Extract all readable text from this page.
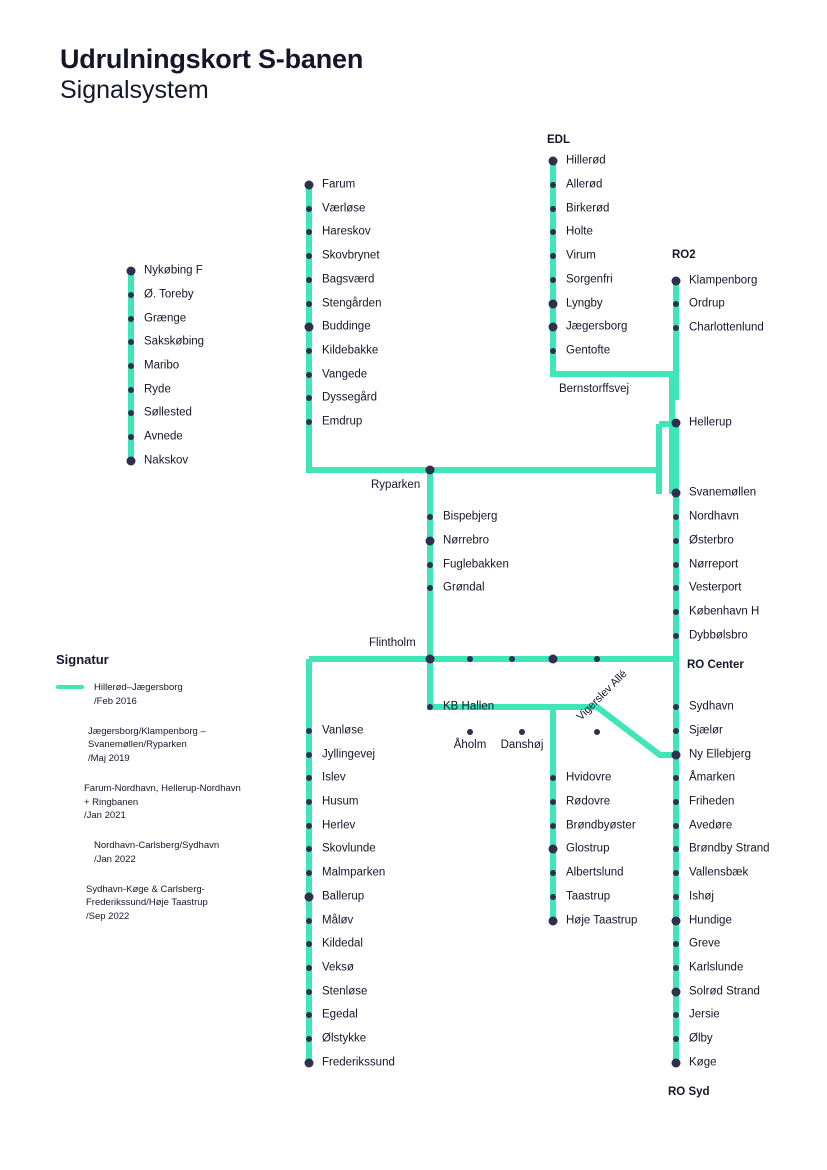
Udrulningskort S-banen
Signalsystem
EDL
RO2
RO Center
RO Syd
Nykøbing F
Ø. Toreby
Grænge
Sakskøbing
Maribo
Ryde
Søllested
Avnede
Nakskov
Farum
Værløse
Hareskov
Skovbrynet
Bagsværd
Stengården
Buddinge
Kildebakke
Vangede
Dyssegård
Emdrup
Hillerød
Allerød
Birkerød
Holte
Virum
Sorgenfri
Lyngby
Jægersborg
Gentofte
Bernstorffsvej
Klampenborg
Ordrup
Charlottenlund
Hellerup
Svanemøllen
Nordhavn
Østerbro
Nørreport
Vesterport
København H
Dybbølsbro
Ryparken
Bispebjerg
Nørrebro
Fuglebakken
Grøndal
Flintholm
KB Hallen
Åholm Danshøj
Vigerslev Allé
Vanløse
Jyllingevej
Islev
Husum
Herlev
Skovlunde
Malmparken
Ballerup
Måløv
Kildedal
Veksø
Stenløse
Egedal
Ølstykke
Frederikssund
Hvidovre
Rødovre
Brøndbyøster
Glostrup
Albertslund
Taastrup
Høje Taastrup
Sydhavn
Sjælør
Ny Ellebjerg
Åmarken
Friheden
Avedøre
Brøndby Strand
Vallensbæk
Ishøj
Hundige
Greve
Karlslunde
Solrød Strand
Jersie
Ølby
Køge
Signatur
Hillerød–Jægersborg
/Feb 2016
Jægersborg/Klampenborg –
Svanemøllen/Ryparken
/Maj 2019
Farum-Nordhavn, Hellerup-Nordhavn
+ Ringbanen
/Jan 2021
Nordhavn-Carlsberg/Sydhavn
/Jan 2022
Sydhavn-Køge & Carlsberg-
Frederikssund/Høje Taastrup
/Sep 2022
